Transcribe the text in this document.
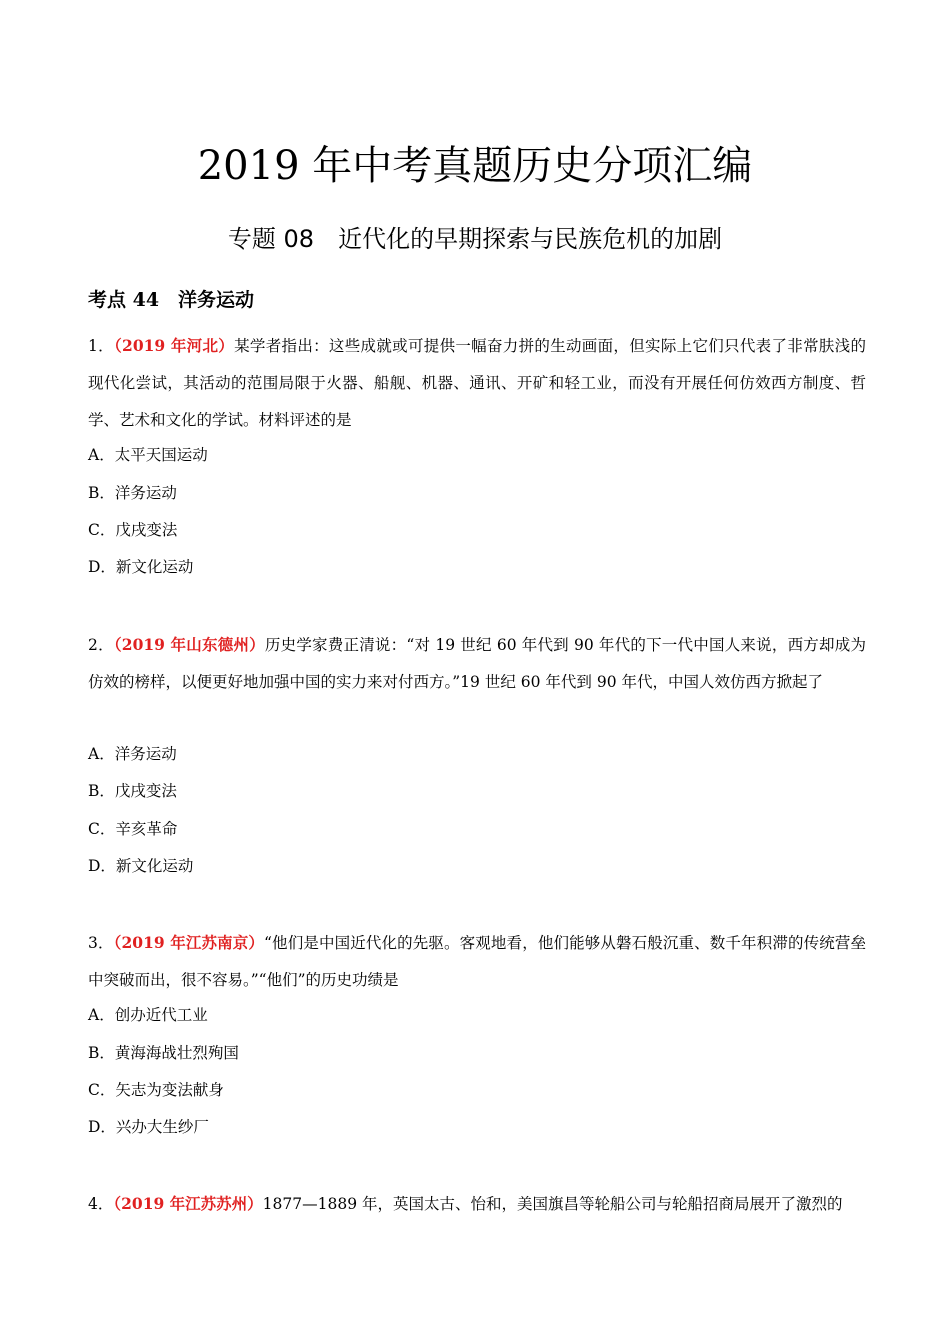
2019 年中考真题历史分项汇编
专题 08　近代化的早期探索与民族危机的加剧
考点 44　洋务运动
1．（2019 年河北）某学者指出：这些成就或可提供一幅奋力拼的生动画面，但实际上它们只代表了非常肤浅的现代化尝试，其活动的范围局限于火器、船舰、机器、通讯、开矿和轻工业，而没有开展任何仿效西方制度、哲学、艺术和文化的学试。材料评述的是
A．太平天国运动
B．洋务运动
C．戊戌变法
D．新文化运动
2．（2019 年山东德州）历史学家费正清说：“对 19 世纪 60 年代到 90 年代的下一代中国人来说，西方却成为仿效的榜样，以便更好地加强中国的实力来对付西方。”19 世纪 60 年代到 90 年代，中国人效仿西方掀起了
A．洋务运动
B．戊戌变法
C．辛亥革命
D．新文化运动
3．（2019 年江苏南京）“他们是中国近代化的先驱。客观地看，他们能够从磐石般沉重、数千年积滞的传统营垒中突破而出，很不容易。”“他们”的历史功绩是
A．创办近代工业
B．黄海海战壮烈殉国
C．矢志为变法献身
D．兴办大生纱厂
4．（2019 年江苏苏州）1877—1889 年，英国太古、怡和，美国旗昌等轮船公司与轮船招商局展开了激烈的
